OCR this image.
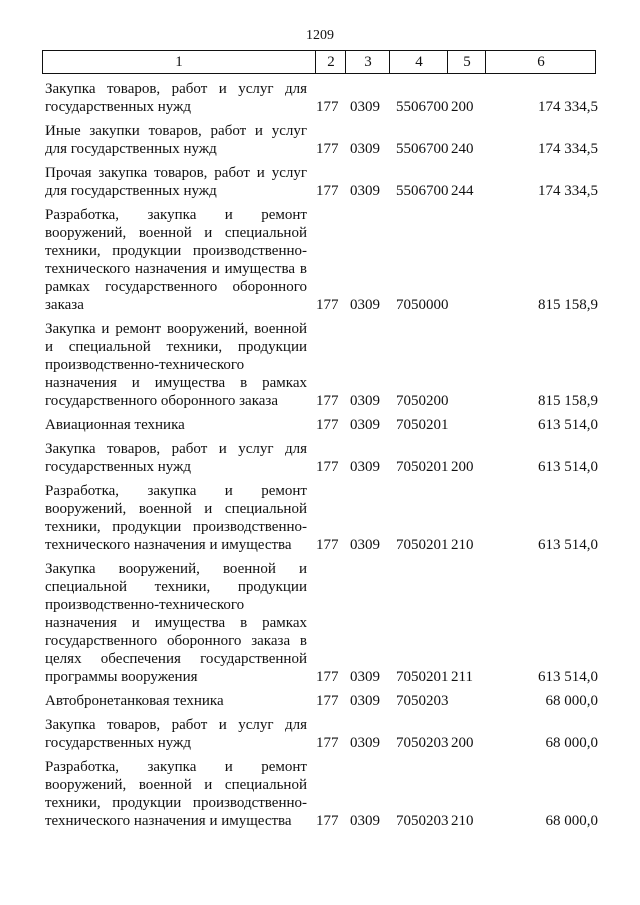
1209
1	2	3	4	5	6
Закупка товаров, работ и услуг для государственных нужд	177 0309 5506700 200	174 334,5
Иные закупки товаров, работ и услуг для государственных нужд	177 0309 5506700 240	174 334,5
Прочая закупка товаров, работ и услуг для государственных нужд	177 0309 5506700 244	174 334,5
Разработка, закупка и ремонт вооружений, военной и специальной техники, продукции производственно-технического назначения и имущества в рамках государственного оборонного заказа	177 0309 7050000	815 158,9
Закупка и ремонт вооружений, военной и специальной техники, продукции производственно-технического назначения и имущества в рамках государственного оборонного заказа	177 0309 7050200	815 158,9
Авиационная техника	177 0309 7050201	613 514,0
Закупка товаров, работ и услуг для государственных нужд	177 0309 7050201 200	613 514,0
Разработка, закупка и ремонт вооружений, военной и специальной техники, продукции производственно-технического назначения и имущества	177 0309 7050201 210	613 514,0
Закупка вооружений, военной и специальной техники, продукции производственно-технического назначения и имущества в рамках государственного оборонного заказа в целях обеспечения государственной программы вооружения	177 0309 7050201 211	613 514,0
Автобронетанковая техника	177 0309 7050203	68 000,0
Закупка товаров, работ и услуг для государственных нужд	177 0309 7050203 200	68 000,0
Разработка, закупка и ремонт вооружений, военной и специальной техники, продукции производственно-технического назначения и имущества	177 0309 7050203 210	68 000,0
